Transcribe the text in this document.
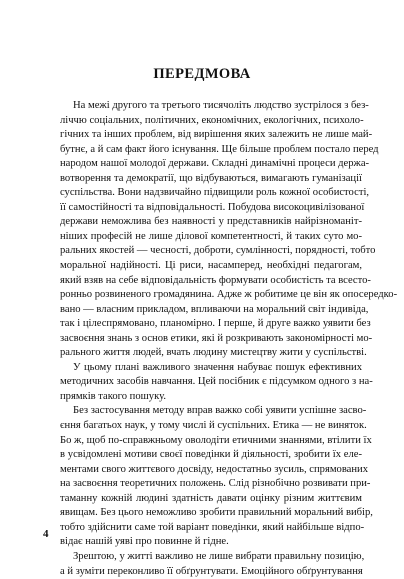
ПЕРЕДМОВА
На межі другого та третього тисячоліть людство зустрілося з без-
ліччю соціальних, політичних, економічних, екологічних, психоло-
гічних та інших проблем, від вирішення яких залежить не лише май-
бутнє, а й сам факт його існування. Ще більше проблем постало перед
народом нашої молодої держави. Складні динамічні процеси держа-
вотворення та демократії, що відбуваються, вимагають гуманізації
суспільства. Вони надзвичайно підвищили роль кожної особистості,
її самостійності та відповідальності. Побудова високоцивілізованої
держави неможлива без наявності у представників найрізноманіт-
ніших професій не лише ділової компетентності, й таких суто мо-
ральних якостей — чесності, доброти, сумлінності, порядності, тобто
моральної надійності. Ці риси, насамперед, необхідні педагогам,
який взяв на себе відповідальність формувати особистість та всесто-
ронньо розвиненого громадянина. Адже ж робитиме це він як опосередко-
вано — власним прикладом, впливаючи на моральний світ індивіда,
так і цілеспрямовано, планомірно. І перше, й друге важко уявити без
засвоєння знань з основ етики, які й розкривають закономірності мо-
рального життя людей, вчать людину мистецтву жити у суспільстві.
У цьому плані важливого значення набуває пошук ефективних
методичних засобів навчання. Цей посібник є підсумком одного з на-
прямків такого пошуку.
Без застосування методу вправ важко собі уявити успішне засво-
єння багатьох наук, у тому числі й суспільних. Етика — не виняток.
Бо ж, щоб по-справжньому оволодіти етичними знаннями, втілити їх
в усвідомлені мотиви своєї поведінки й діяльності, зробити їх еле-
ментами свого життєвого досвіду, недостатньо зусиль, спрямованих
на засвоєння теоретичних положень. Слід різнобічно розвивати при-
таманну кожній людині здатність давати оцінку різним життєвим
явищам. Без цього неможливо зробити правильний моральний вибір,
тобто здійснити саме той варіант поведінки, який найбільше відпо-
відає нашій уяві про повинне й гідне.
Зрештою, у житті важливо не лише вибрати правильну позицію,
а й зуміти переконливо її обґрунтувати. Емоційного обґрунтування
4
